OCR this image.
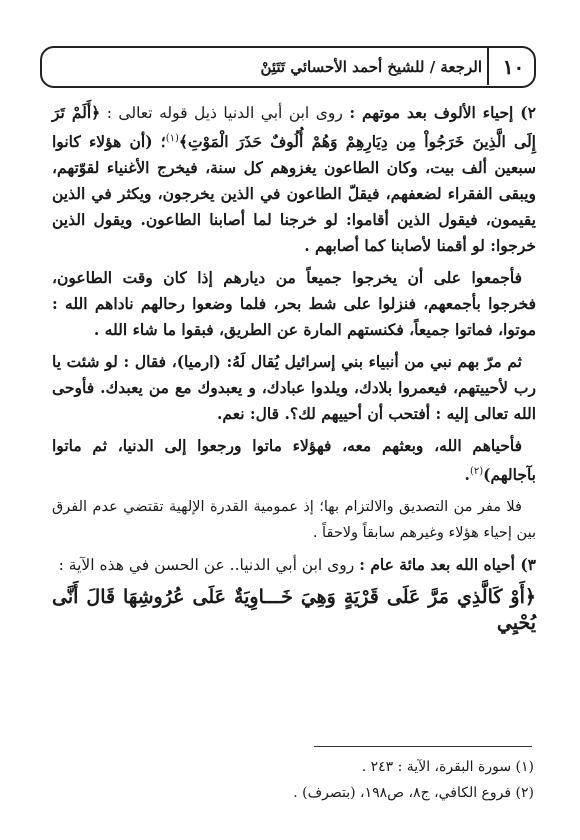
١٠
الرجعة / للشيخ أحمد الأحسائي تَتَئِنْ

٢) إحياء الألوف بعد موتهم : روى ابن أبي الدنيا ذيل قوله تعالى : ﴿أَلَمْ تَرَ إِلَى الَّذِينَ خَرَجُواْ مِن دِيَارِهِمْ وَهُمْ أُلُوفٌ حَذَرَ الْمَوْتِ﴾$^{(١)}$؛ (أن هؤلاء كانوا سبعين ألف بيت، وكان الطاعون يغزوهم كل سنة، فيخرج الأغنياء لقوّتهم، ويبقى الفقراء لضعفهم، فيقلّ الطاعون في الذين يخرجون، ويكثر في الذين يقيمون، فيقول الذين أقاموا: لو خرجنا لما أصابنا الطاعون. ويقول الذين خرجوا: لو أقمنا لأصابنا كما أصابهم .

فأجمعوا على أن يخرجوا جميعاً من ديارهم إذا كان وقت الطاعون، فخرجوا بأجمعهم، فنزلوا على شط بحر، فلما وضعوا رحالهم ناداهم الله : موتوا، فماتوا جميعاً، فكنستهم المارة عن الطريق، فبقوا ما شاء الله .

ثم مرّ بهم نبي من أنبياء بني إسرائيل يُقال لَهُ: (ارميا)، فقال : لو شئت يا رب لأحييتهم، فيعمروا بلادك، ويلدوا عبادك، و يعبدوك مع من يعبدك. فأوحى الله تعالى إليه : أفتحب أن أحييهم لك؟. قال: نعم.

فأحياهم الله، وبعثهم معه، فهؤلاء ماتوا ورجعوا إلى الدنيا، ثم ماتوا بآجالهم)$^{(٢)}$.

فلا مفر من التصديق والالتزام بها؛ إذ عمومية القدرة الإلهية تقتضي عدم الفرق بين إحياء هؤلاء وغيرهم سابقاً ولاحقاً .

٣) أحياه الله بعد مائة عام : روى ابن أبي الدنيا.. عن الحسن في هذه الآية :

﴿أَوْ كَالَّذِي مَرَّ عَلَى قَرْيَةٍ وَهِيَ خَـــاوِيَةٌ عَلَى عُرُوشِهَا قَالَ أَنَّى يُحْيِي

(١) سورة البقرة، الآية : ٢٤٣ .

(٢) فروع الكافي، ج٨، ص١٩٨، (بتصرف) .
